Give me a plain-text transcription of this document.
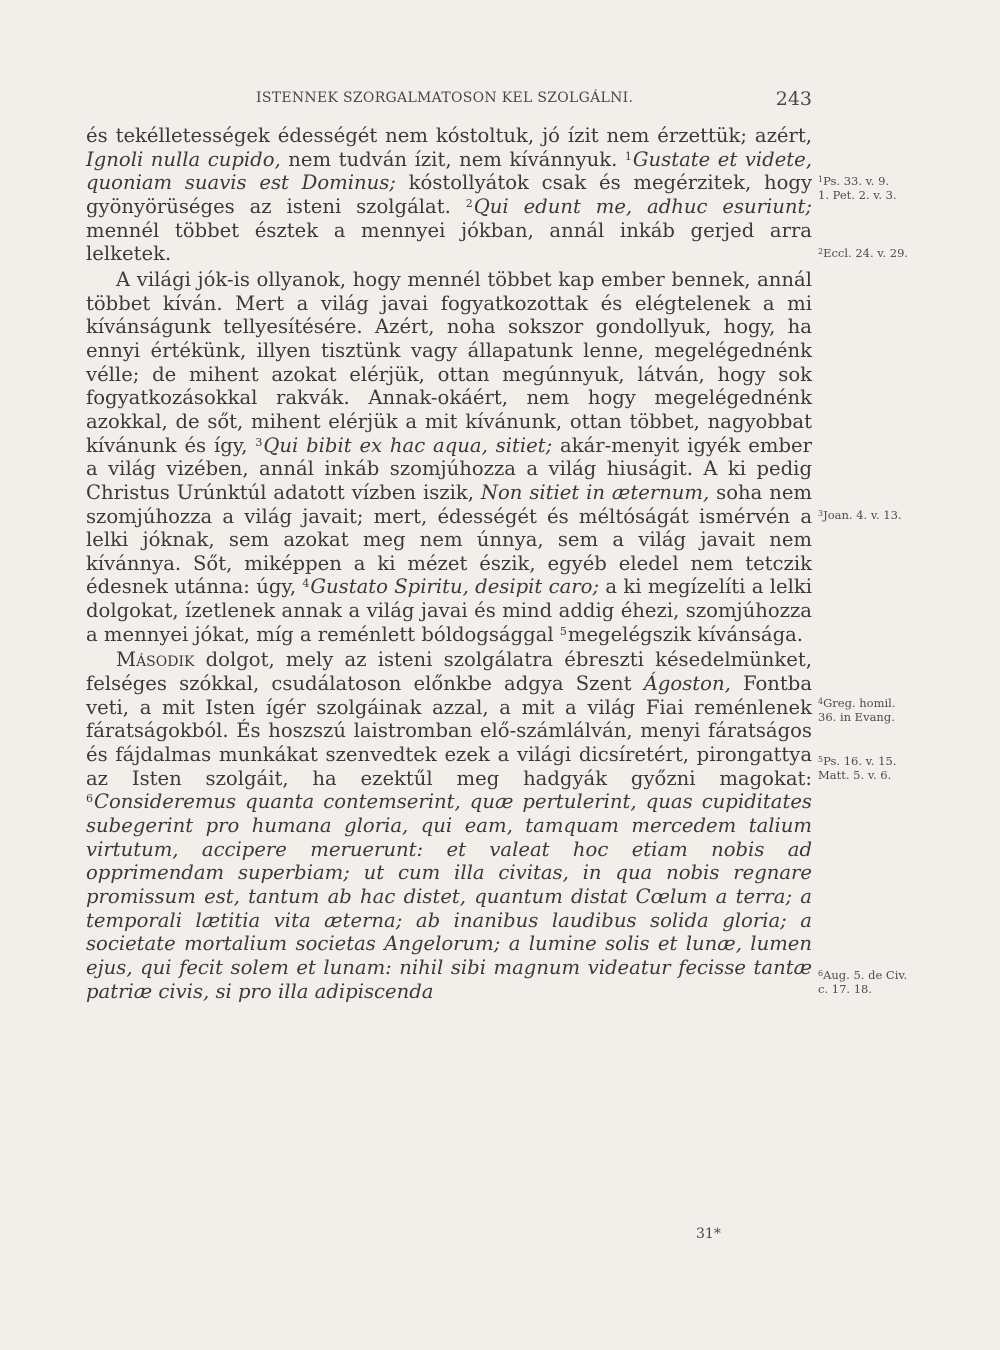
ISTENNEK SZORGALMATOSON KEL SZOLGÁLNI.	243

és tekélletességek édességét nem kóstoltuk, jó ízit nem érzettük; azért, Ignoli nulla cupido, nem tudván ízit, nem kívánnyuk. $^1$Gustate et videte, quoniam suavis est Dominus; kóstollyátok csak és megérzitek, hogy gyönyörüséges az isteni szolgálat. $^2$Qui edunt me, adhuc esuriunt; mennél többet észtek a mennyei jókban, annál inkáb gerjed arra lelketek.

A világi jók-is ollyanok, hogy mennél többet kap ember bennek, annál többet kíván. Mert a világ javai fogyatkozottak és elégtelenek a mi kívánságunk tellyesítésére. Azért, noha sokszor gondollyuk, hogy, ha ennyi értékünk, illyen tisztünk vagy állapatunk lenne, megelégednénk vélle; de mihent azokat elérjük, ottan megúnnyuk, látván, hogy sok fogyatkozásokkal rakvák. Annak-okáért, nem hogy megelégednénk azokkal, de sőt, mihent elérjük a mit kívánunk, ottan többet, nagyobbat kívánunk és így, $^3$Qui bibit ex hac aqua, sitiet; akár-menyit igyék ember a világ vizében, annál inkáb szomjúhozza a világ hiuságit. A ki pedig Christus Urúnktúl adatott vízben iszik, Non sitiet in æternum, soha nem szomjúhozza a világ javait; mert, édességét és méltóságát ismérvén a lelki jóknak, sem azokat meg nem únnya, sem a világ javait nem kívánnya. Sőt, miképpen a ki mézet észik, egyéb eledel nem tetczik édesnek utánna: úgy, $^4$Gustato Spiritu, desipit caro; a ki megízelíti a lelki dolgokat, ízetlenek annak a világ javai és mind addig éhezi, szomjúhozza a mennyei jókat, míg a reménlett bóldogsággal $^5$megelégszik kívánsága.

Második dolgot, mely az isteni szolgálatra ébreszti késedelmünket, felséges szókkal, csudálatoson előnkbe adgya Szent Ágoston, Fontba veti, a mit Isten ígér szolgáinak azzal, a mit a világ Fiai reménlenek fáratságokból. És hoszszú laistromban elő-számlálván, menyi fáratságos és fájdalmas munkákat szenvedtek ezek a világi dicsíretért, pirongattya az Isten szolgáit, ha ezektűl meg hadgyák győzni magokat: $^6$Consideremus quanta contemserint, quæ pertulerint, quas cupiditates subegerint pro humana gloria, qui eam, tamquam mercedem talium virtutum, accipere meruerunt: et valeat hoc etiam nobis ad opprimendam superbiam; ut cum illa civitas, in qua nobis regnare promissum est, tantum ab hac distet, quantum distat Cœlum a terra; a temporali lætitia vita æterna; ab inanibus laudibus solida gloria; a societate mortalium societas Angelorum; a lumine solis et lunæ, lumen ejus, qui fecit solem et lunam: nihil sibi magnum videatur fecisse tantæ patriæ civis, si pro illa adipiscenda

$^1$Ps. 33. v. 9.
1. Pet. 2. v. 3.
$^2$Eccl. 24. v. 29.
$^3$Joan. 4. v. 13.
$^4$Greg. homil.
36. in Evang.
$^5$Ps. 16. v. 15.
Matt. 5. v. 6.
$^6$Aug. 5. de Civ.
c. 17. 18.
31*
